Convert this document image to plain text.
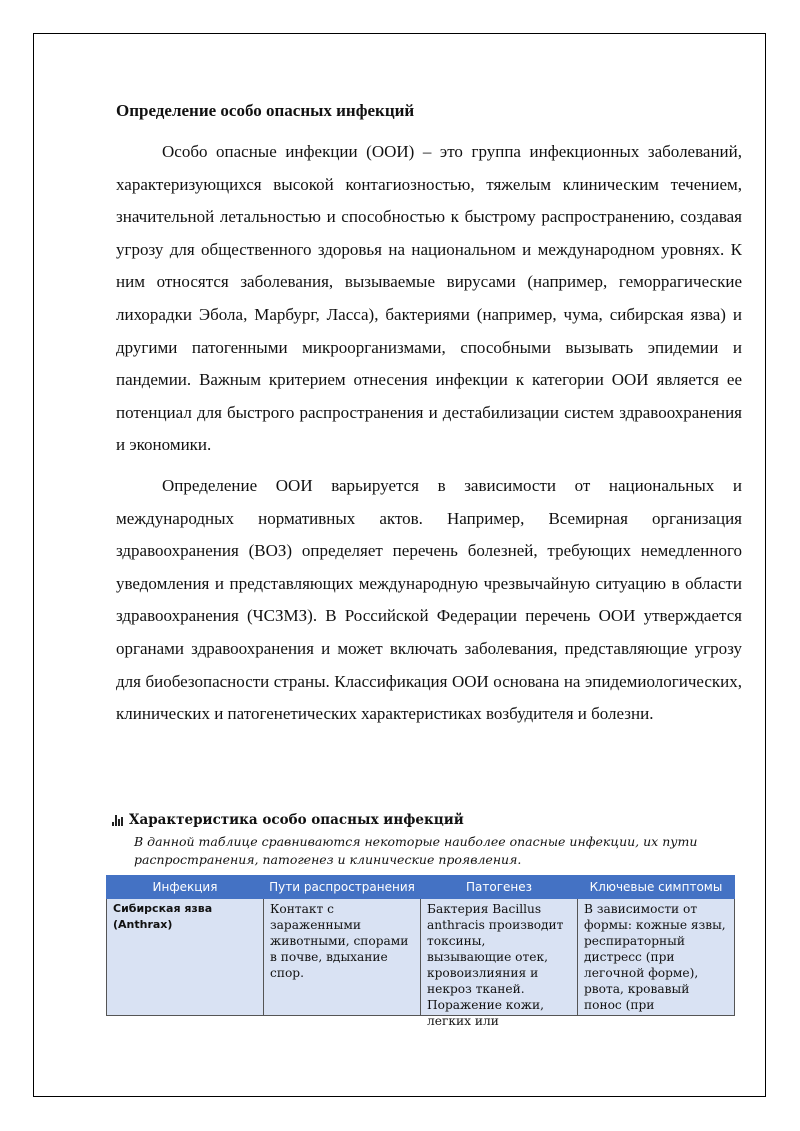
Определение особо опасных инфекций

Особо опасные инфекции (ООИ) – это группа инфекционных заболеваний, характеризующихся высокой контагиозностью, тяжелым клиническим течением, значительной летальностью и способностью к быстрому распространению, создавая угрозу для общественного здоровья на национальном и международном уровнях. К ним относятся заболевания, вызываемые вирусами (например, геморрагические лихорадки Эбола, Марбург, Ласса), бактериями (например, чума, сибирская язва) и другими патогенными микроорганизмами, способными вызывать эпидемии и пандемии. Важным критерием отнесения инфекции к категории ООИ является ее потенциал для быстрого распространения и дестабилизации систем здравоохранения и экономики.

Определение ООИ варьируется в зависимости от национальных и международных нормативных актов. Например, Всемирная организация здравоохранения (ВОЗ) определяет перечень болезней, требующих немедленного уведомления и представляющих международную чрезвычайную ситуацию в области здравоохранения (ЧСЗМЗ). В Российской Федерации перечень ООИ утверждается органами здравоохранения и может включать заболевания, представляющие угрозу для биобезопасности страны. Классификация ООИ основана на эпидемиологических, клинических и патогенетических характеристиках возбудителя и болезни.

Характеристика особо опасных инфекций
В данной таблице сравниваются некоторые наиболее опасные инфекции, их пути распространения, патогенез и клинические проявления.
Инфекция	Пути распространения	Патогенез	Ключевые симптомы

Сибирская язва (Anthrax)	Контакт с зараженными животными, спорами в почве, вдыхание спор.	Бактерия Bacillus anthracis производит токсины, вызывающие отек, кровоизлияния и некроз тканей. Поражение кожи, легких или	В зависимости от формы: кожные язвы, респираторный дистресс (при легочной форме), рвота, кровавый понос (при
